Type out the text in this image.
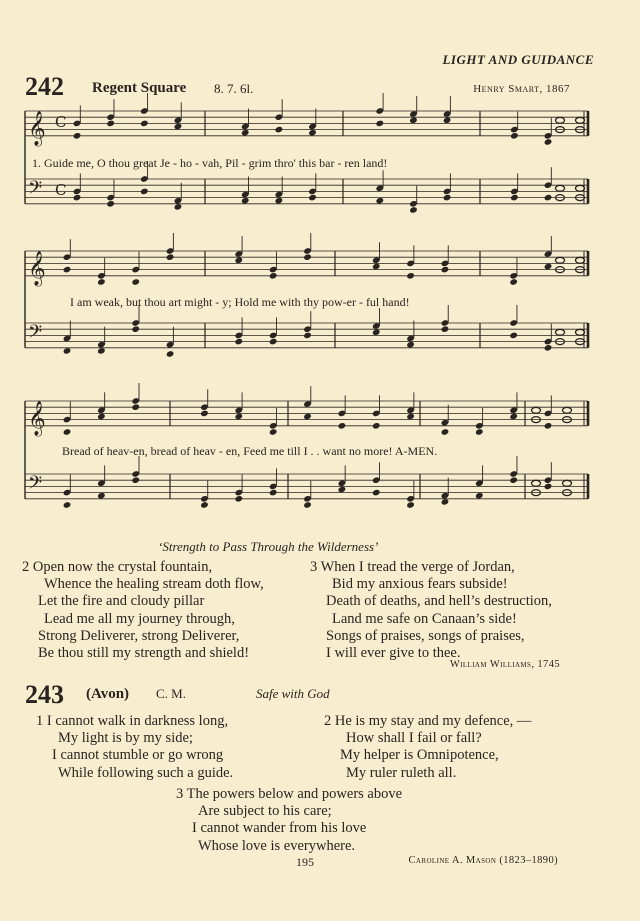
LIGHT AND GUIDANCE
242 Regent Square 8. 7. 6l.	Henry Smart, 1867
𝄞 C
𝄢 C
𝄞
𝄢
𝄞
𝄢
1. Guide me, O thou great Je - ho - vah, Pil - grim thro' this bar - ren land!
I am weak, but thou art might - y; Hold me with thy pow-er - ful hand!
Bread of heav-en, bread of heav - en, Feed me till I . . want no more! A-MEN.
‘Strength to Pass Through the Wilderness’
2 Open now the crystal fountain,
Whence the healing stream doth flow,
Let the fire and cloudy pillar
Lead me all my journey through,
Strong Deliverer, strong Deliverer,
Be thou still my strength and shield!
3 When I tread the verge of Jordan,
Bid my anxious fears subside!
Death of deaths, and hell’s destruction,
Land me safe on Canaan’s side!
Songs of praises, songs of praises,
I will ever give to thee.
William Williams, 1745
243 (Avon) C. M.	Safe with God
1 I cannot walk in darkness long,
My light is by my side;
I cannot stumble or go wrong
While following such a guide.
2 He is my stay and my defence, —
How shall I fail or fall?
My helper is Omnipotence,
My ruler ruleth all.
3 The powers below and powers above
Are subject to his care;
I cannot wander from his love
Whose love is everywhere.
195	Caroline A. Mason (1823–1890)
